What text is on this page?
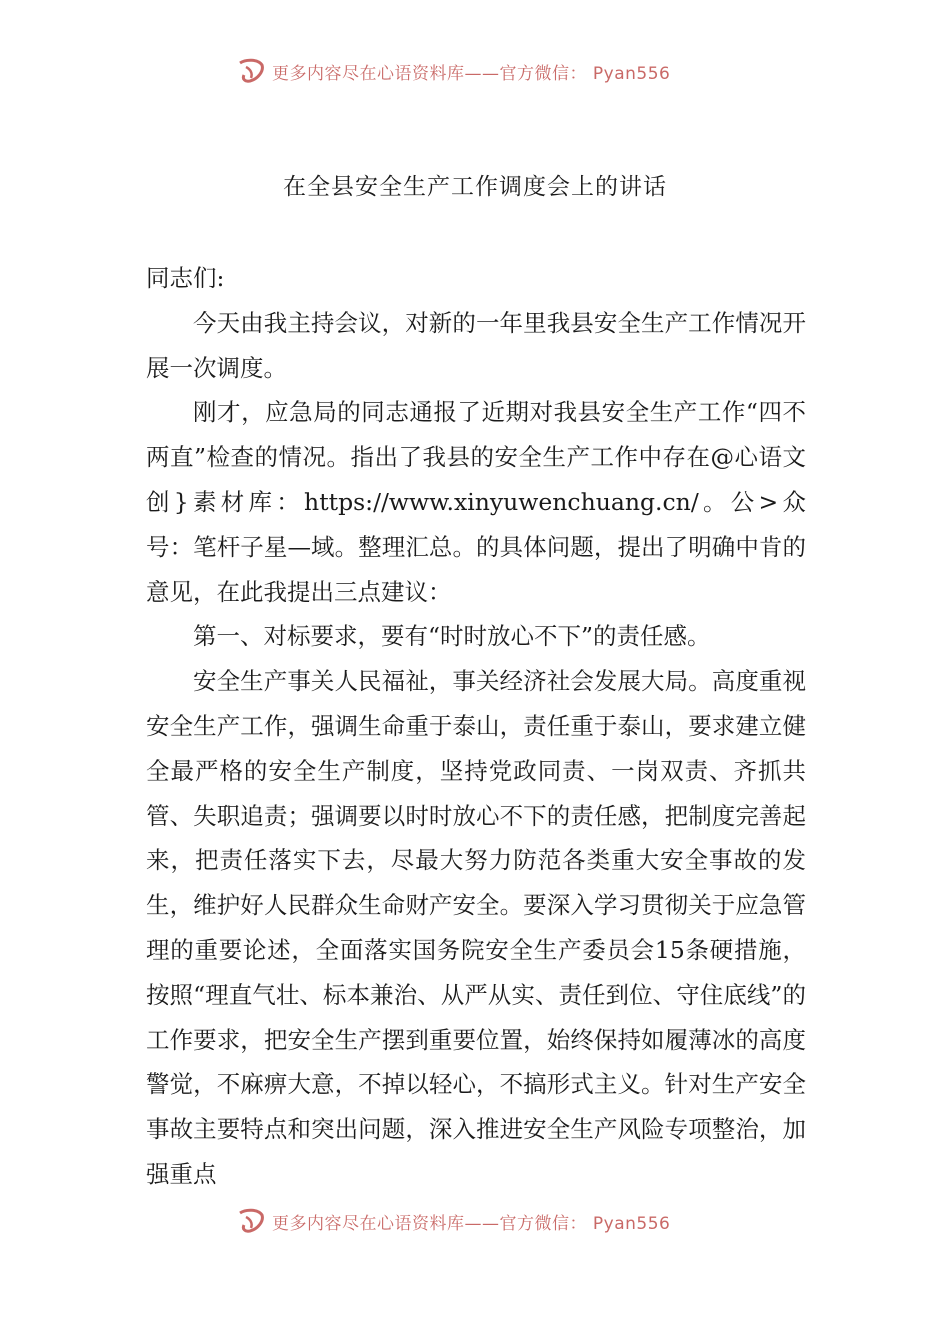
更多内容尽在心语资料库——官方微信： Pyan556
在全县安全生产工作调度会上的讲话

同志们:

今天由我主持会议，对新的一年里我县安全生产工作情况开展一次调度。

刚才，应急局的同志通报了近期对我县安全生产工作“四不两直”检查的情况。指出了我县的安全生产工作中存在@心语文创}素材库：https://www.xinyuwenchuang.cn/。公>众号：笔杆子星—域。整理汇总。的具体问题，提出了明确中肯的意见，在此我提出三点建议：

第一、对标要求，要有“时时放心不下”的责任感。

安全生产事关人民福祉，事关经济社会发展大局。高度重视安全生产工作，强调生命重于泰山，责任重于泰山，要求建立健全最严格的安全生产制度，坚持党政同责、一岗双责、齐抓共管、失职追责；强调要以时时放心不下的责任感，把制度完善起来，把责任落实下去，尽最大努力防范各类重大安全事故的发生，维护好人民群众生命财产安全。要深入学习贯彻关于应急管理的重要论述，全面落实国务院安全生产委员会15条硬措施，按照“理直气壮、标本兼治、从严从实、责任到位、守住底线”的工作要求，把安全生产摆到重要位置，始终保持如履薄冰的高度警觉，不麻痹大意，不掉以轻心，不搞形式主义。针对生产安全事故主要特点和突出问题，深入推进安全生产风险专项整治，加强重点

更多内容尽在心语资料库——官方微信： Pyan556
